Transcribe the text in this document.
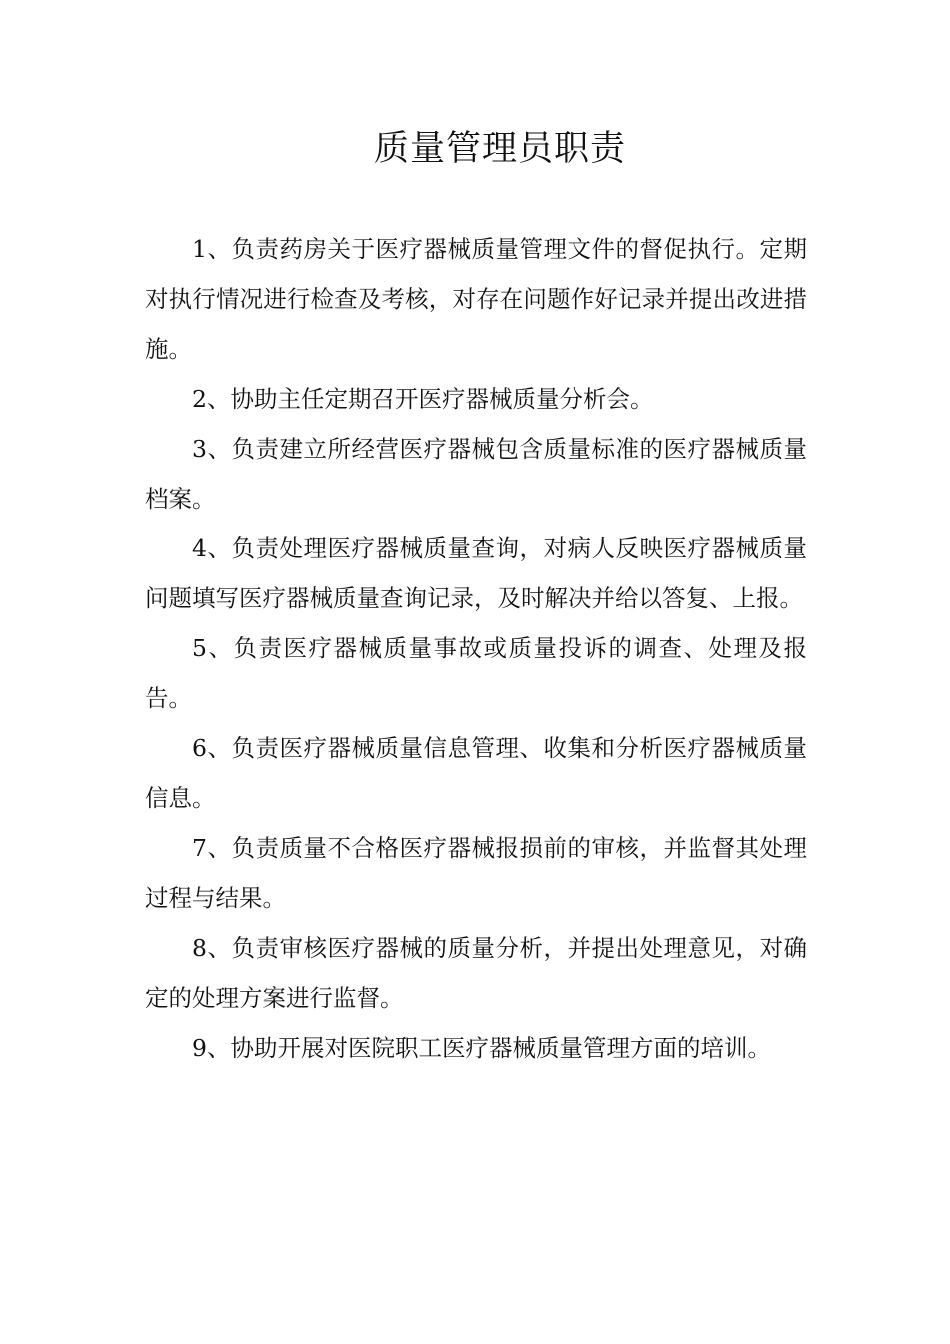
质量管理员职责

1、负责药房关于医疗器械质量管理文件的督促执行。定期对执行情况进行检查及考核，对存在问题作好记录并提出改进措施。

2、协助主任定期召开医疗器械质量分析会。

3、负责建立所经营医疗器械包含质量标准的医疗器械质量档案。

4、负责处理医疗器械质量查询，对病人反映医疗器械质量问题填写医疗器械质量查询记录，及时解决并给以答复、上报。

5、负责医疗器械质量事故或质量投诉的调查、处理及报告。

6、负责医疗器械质量信息管理、收集和分析医疗器械质量信息。

7、负责质量不合格医疗器械报损前的审核，并监督其处理过程与结果。

8、负责审核医疗器械的质量分析，并提出处理意见，对确定的处理方案进行监督。

9、协助开展对医院职工医疗器械质量管理方面的培训。
